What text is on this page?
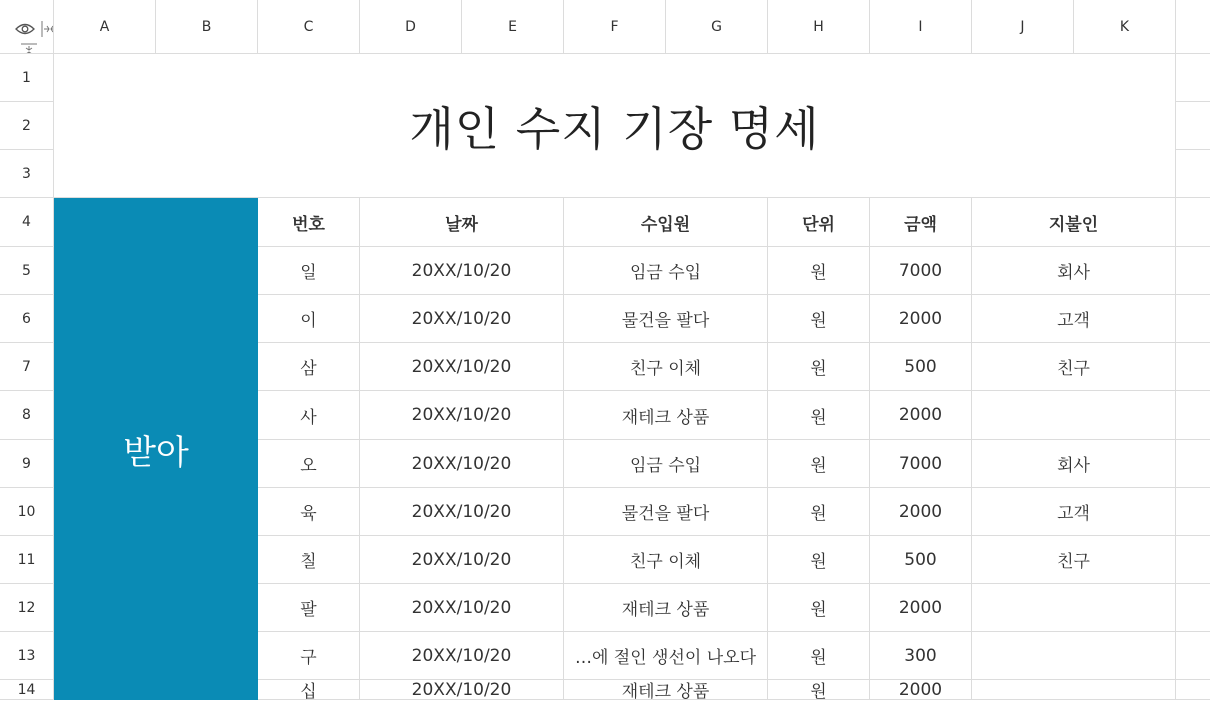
A	B	C	D	E	F	G	H	I	J	K
1
2
3
4
5
6
7
8
9
10
11
12
13
14
개인 수지 기장 명세
받아
번호	날짜	수입원	단위	금액	지불인
일	20XX/10/20	임금 수입	원	7000	회사
이	20XX/10/20	물건을 팔다	원	2000	고객
삼	20XX/10/20	친구 이체	원	500	친구
사	20XX/10/20	재테크 상품	원	2000
오	20XX/10/20	임금 수입	원	7000	회사
육	20XX/10/20	물건을 팔다	원	2000	고객
칠	20XX/10/20	친구 이체	원	500	친구
팔	20XX/10/20	재테크 상품	원	2000
구	20XX/10/20	…에 절인 생선이 나오다	원	300
십	20XX/10/20	재테크 상품	원	2000
